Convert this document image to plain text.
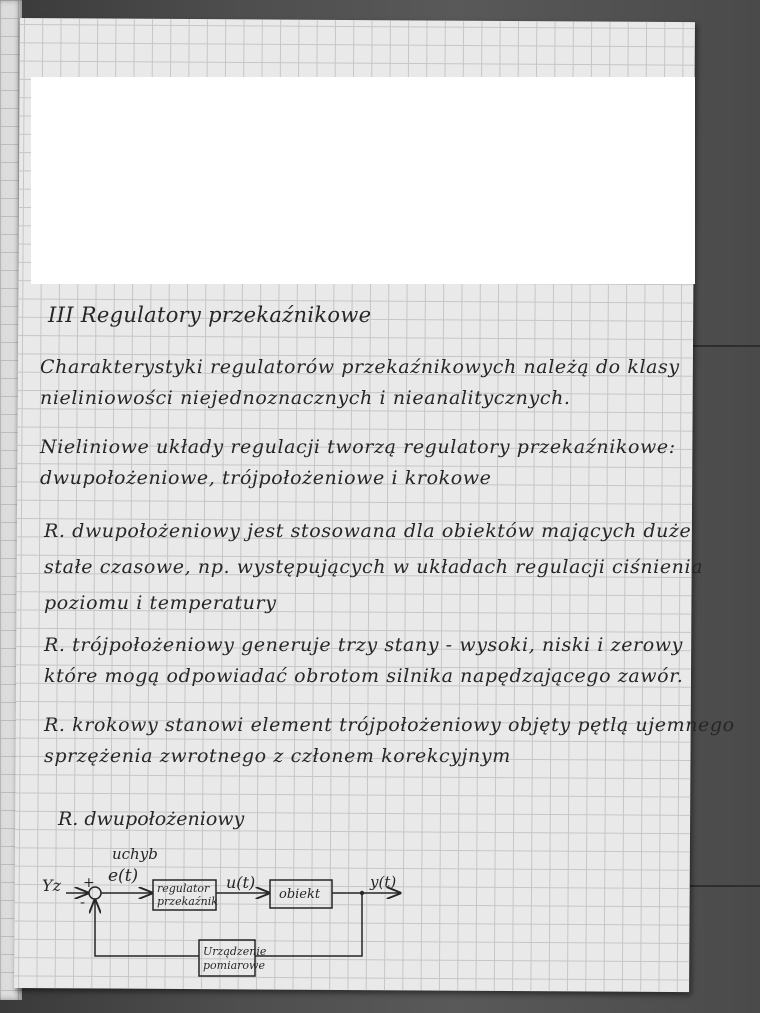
III Regulatory przekaźnikowe

Charakterystyki regulatorów przekaźnikowych należą do klasy
nieliniowości niejednoznacznych i nieanalitycznych.
Nieliniowe układy regulacji tworzą regulatory przekaźnikowe:
dwupołożeniowe, trójpołożeniowe i krokowe
R. dwupołożeniowy jest stosowana dla obiektów mających duże
stałe czasowe, np. występujących w układach regulacji ciśnienia
poziomu i temperatury
R. trójpołożeniowy generuje trzy stany - wysoki, niski i zerowy
które mogą odpowiadać obrotom silnika napędzającego zawór.
R. krokowy stanowi element trójpołożeniowy objęty pętlą ujemnego
sprzężenia zwrotnego z członem korekcyjnym

R. dwupołożeniowy

Yz +
-
uchyb
e(t)
regulator
przekaźnik
u(t)
obiekt
y(t)
Urządzenie
pomiarowe
